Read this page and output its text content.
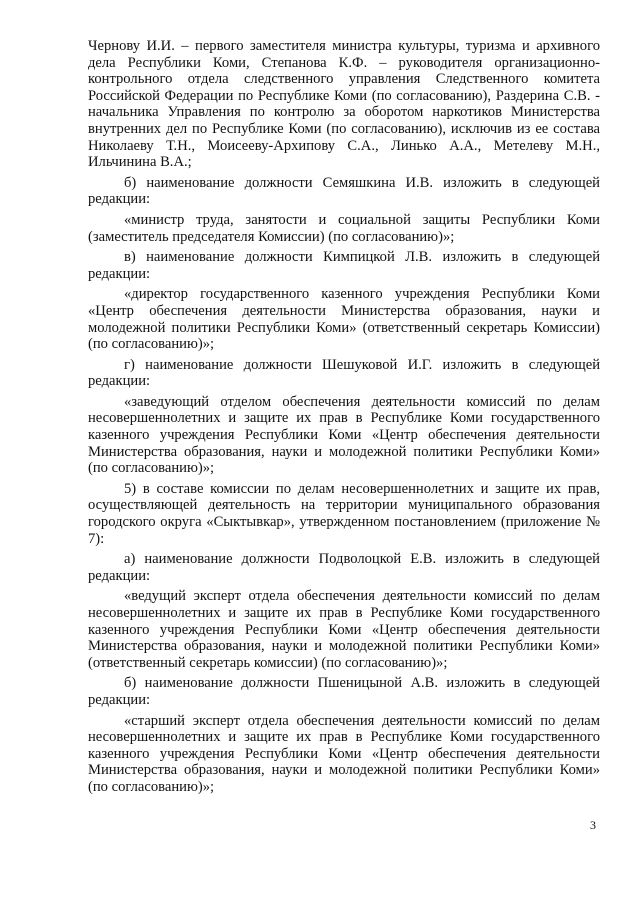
Чернову И.И. – первого заместителя министра культуры, туризма и архивного дела Республики Коми, Степанова К.Ф. – руководителя организационно-контрольного отдела следственного управления Следственного комитета Российской Федерации по Республике Коми (по согласованию), Раздерина С.В. - начальника Управления по контролю за оборотом наркотиков Министерства внутренних дел по Республике Коми (по согласованию), исключив из ее состава Николаеву Т.Н., Моисееву-Архипову С.А., Линько А.А., Метелеву М.Н., Ильчинина В.А.;

б) наименование должности Семяшкина И.В. изложить в следующей редакции:

«министр труда, занятости и социальной защиты Республики Коми (заместитель председателя Комиссии) (по согласованию)»;

в) наименование должности Кимпицкой Л.В. изложить в следующей редакции:

«директор государственного казенного учреждения Республики Коми «Центр обеспечения деятельности Министерства образования, науки и молодежной политики Республики Коми» (ответственный секретарь Комиссии) (по согласованию)»;

г) наименование должности Шешуковой И.Г. изложить в следующей редакции:

«заведующий отделом обеспечения деятельности комиссий по делам несовершеннолетних и защите их прав в Республике Коми государственного казенного учреждения Республики Коми «Центр обеспечения деятельности Министерства образования, науки и молодежной политики Республики Коми» (по согласованию)»;

5) в составе комиссии по делам несовершеннолетних и защите их прав, осуществляющей деятельность на территории муниципального образования городского округа «Сыктывкар», утвержденном постановлением (приложение № 7):

а) наименование должности Подволоцкой Е.В. изложить в следующей редакции:

«ведущий эксперт отдела обеспечения деятельности комиссий по делам несовершеннолетних и защите их прав в Республике Коми государственного казенного учреждения Республики Коми «Центр обеспечения деятельности Министерства образования, науки и молодежной политики Республики Коми» (ответственный секретарь комиссии) (по согласованию)»;

б) наименование должности Пшеницыной А.В. изложить в следующей редакции:

«старший эксперт отдела обеспечения деятельности комиссий по делам несовершеннолетних и защите их прав в Республике Коми государственного казенного учреждения Республики Коми «Центр обеспечения деятельности Министерства образования, науки и молодежной политики Республики Коми» (по согласованию)»;

3
